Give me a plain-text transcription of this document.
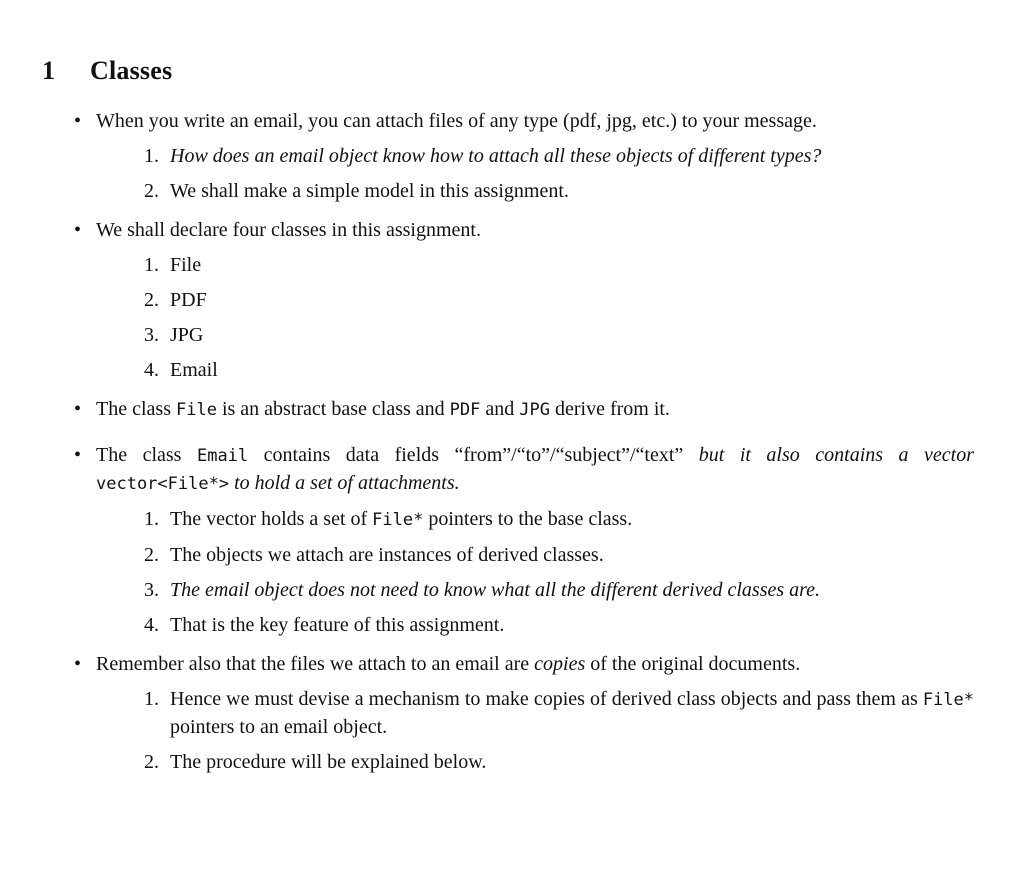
1 Classes
• When you write an email, you can attach files of any type (pdf, jpg, etc.) to your message.
1. How does an email object know how to attach all these objects of different types?
2. We shall make a simple model in this assignment.
• We shall declare four classes in this assignment.
1. File
2. PDF
3. JPG
4. Email
• The class File is an abstract base class and PDF and JPG derive from it.
• The class Email contains data fields “from”/“to”/“subject”/“text” but it also contains a vector vector<File*> to hold a set of attachments.
1. The vector holds a set of File* pointers to the base class.
2. The objects we attach are instances of derived classes.
3. The email object does not need to know what all the different derived classes are.
4. That is the key feature of this assignment.
• Remember also that the files we attach to an email are copies of the original documents.
1. Hence we must devise a mechanism to make copies of derived class objects and pass them as File* pointers to an email object.
2. The procedure will be explained below.
